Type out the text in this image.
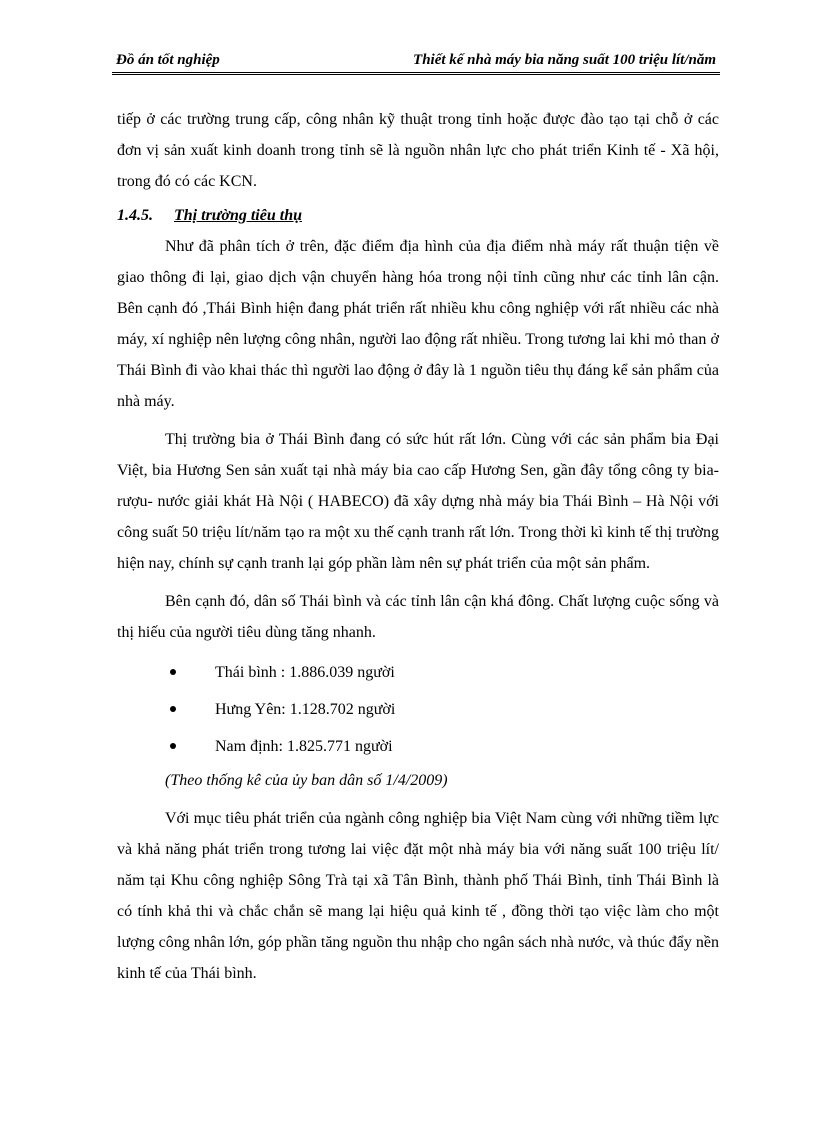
Đồ án tốt nghiệp	Thiết kế nhà máy bia năng suất 100 triệu lít/năm

tiếp ở các trường trung cấp, công nhân kỹ thuật trong tỉnh hoặc được đào tạo tại chỗ ở các đơn vị sản xuất kinh doanh trong tỉnh sẽ là nguồn nhân lực cho phát triển Kinh tế - Xã hội, trong đó có các KCN.

1.4.5. Thị trường tiêu thụ

Như đã phân tích ở trên, đặc điểm địa hình của địa điểm nhà máy rất thuận tiện về giao thông đi lại, giao dịch vận chuyển hàng hóa trong nội tỉnh cũng như các tỉnh lân cận. Bên cạnh đó ,Thái Bình hiện đang phát triển rất nhiều khu công nghiệp với rất nhiều các nhà máy, xí nghiệp nên lượng công nhân, người lao động rất nhiều. Trong tương lai khi mỏ than ở Thái Bình đi vào khai thác thì người lao động ở đây là 1 nguồn tiêu thụ đáng kể sản phẩm của nhà máy.

Thị trường bia ở Thái Bình đang có sức hút rất lớn. Cùng với các sản phẩm bia Đại Việt, bia Hương Sen sản xuất tại nhà máy bia cao cấp Hương Sen, gần đây tổng công ty bia- rượu- nước giải khát Hà Nội ( HABECO) đã xây dựng nhà máy bia Thái Bình – Hà Nội với công suất 50 triệu lít/năm tạo ra một xu thế cạnh tranh rất lớn. Trong thời kì kinh tế thị trường hiện nay, chính sự cạnh tranh lại góp phần làm nên sự phát triển của một sản phẩm.

Bên cạnh đó, dân số Thái bình và các tỉnh lân cận khá đông. Chất lượng cuộc sống và thị hiếu của người tiêu dùng tăng nhanh.

Thái bình : 1.886.039 người
Hưng Yên: 1.128.702 người
Nam định: 1.825.771 người

(Theo thống kê của ủy ban dân số 1/4/2009)

Với mục tiêu phát triển của ngành công nghiệp bia Việt Nam cùng với những tiềm lực và khả năng phát triển trong tương lai việc đặt một nhà máy bia với năng suất 100 triệu lít/ năm tại Khu công nghiệp Sông Trà tại xã Tân Bình, thành phố Thái Bình, tỉnh Thái Bình là có tính khả thi và chắc chắn sẽ mang lại hiệu quả kinh tế , đồng thời tạo việc làm cho một lượng công nhân lớn, góp phần tăng nguồn thu nhập cho ngân sách nhà nước, và thúc đẩy nền kinh tế của Thái bình.
